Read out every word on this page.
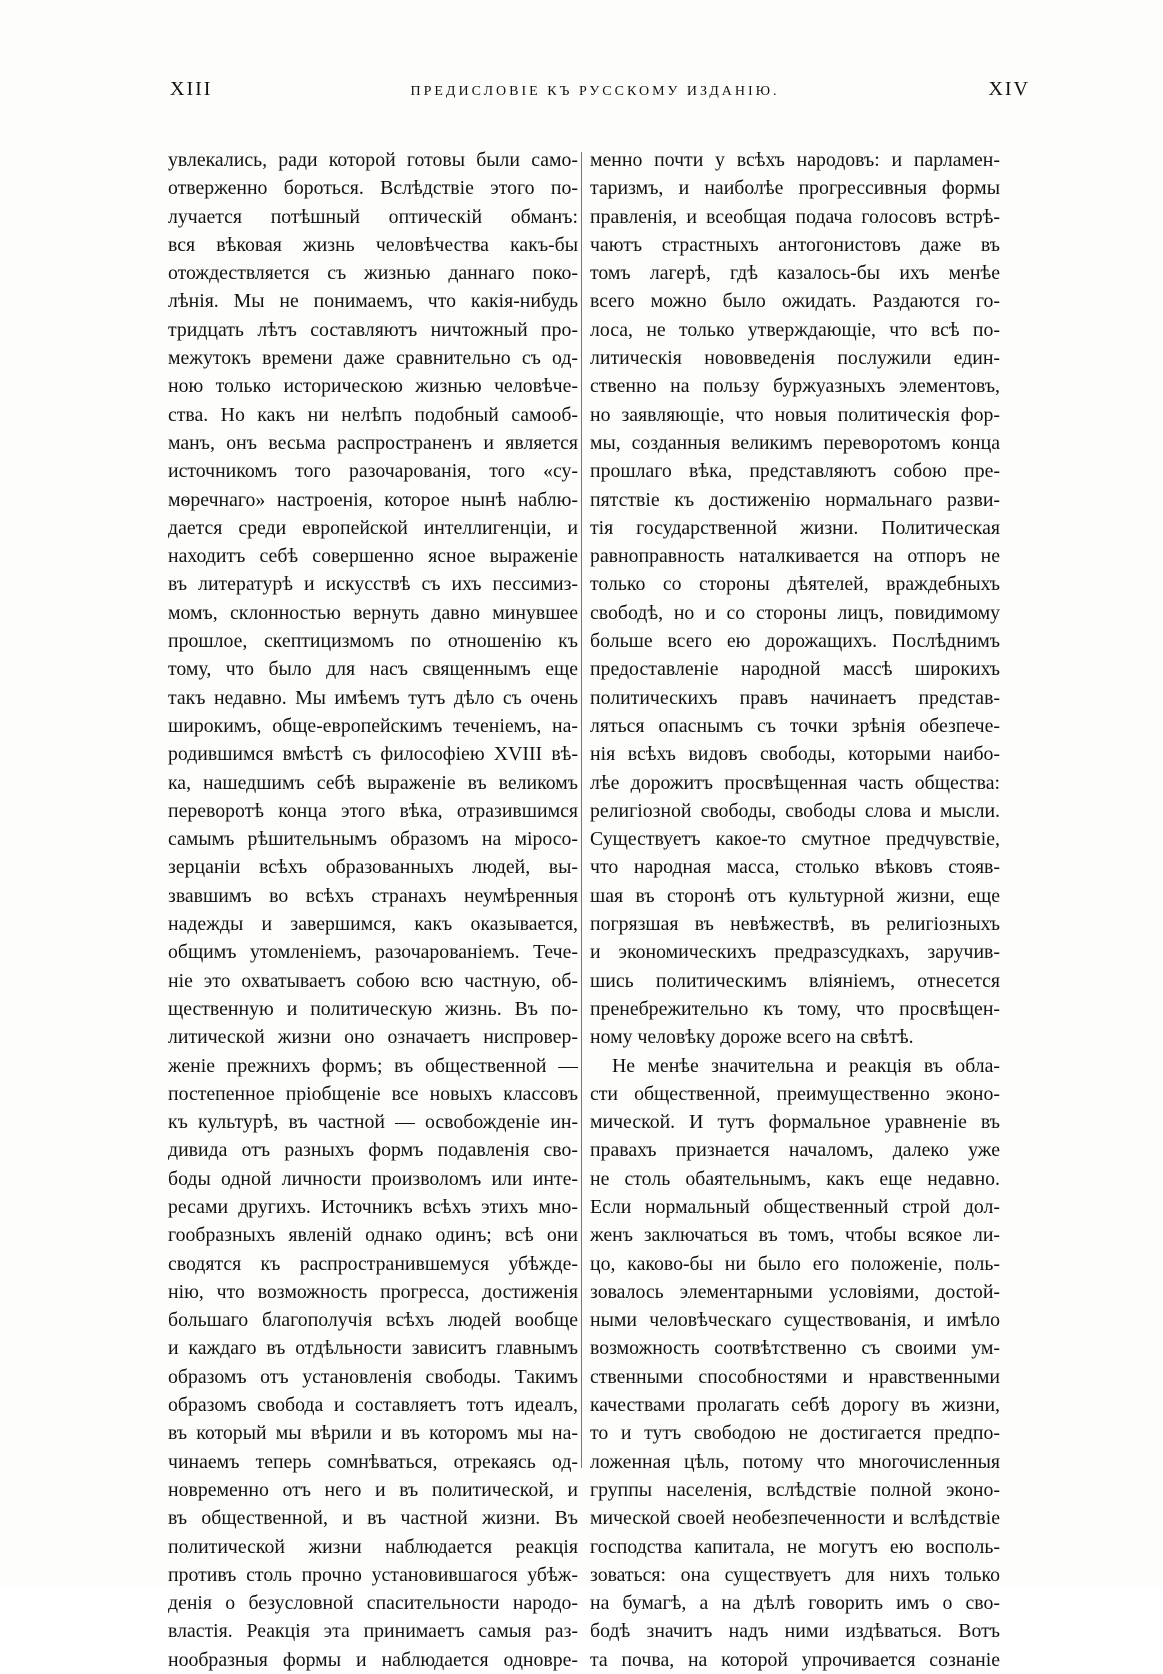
XIII	ПРЕДИСЛОВІЕ КЪ РУССКОМУ ИЗДАНІЮ.	XIV
увлекались, ради которой готовы были само-
отверженно бороться. Вслѣдствіе этого по-
лучается потѣшный оптическій обманъ:
вся вѣковая жизнь человѣчества какъ-бы
отождествляется съ жизнью даннаго поко-
лѣнія. Мы не понимаемъ, что какія-нибудь
тридцать лѣтъ составляютъ ничтожный про-
межутокъ времени даже сравнительно съ од-
ною только историческою жизнью человѣче-
ства. Но какъ ни нелѣпъ подобный самооб-
манъ, онъ весьма распространенъ и является
источникомъ того разочарованія, того «су-
мѳречнаго» настроенія, которое нынѣ наблю-
дается среди европейской интеллигенціи, и
находитъ себѣ совершенно ясное выраженіе
въ литературѣ и искусствѣ съ ихъ пессимиз-
момъ, склонностью вернуть давно минувшее
прошлое, скептицизмомъ по отношенію къ
тому, что было для насъ священнымъ еще
такъ недавно. Мы имѣемъ тутъ дѣло съ очень
широкимъ, обще-европейскимъ теченіемъ, на-
родившимся вмѣстѣ съ философіею XVIII вѣ-
ка, нашедшимъ себѣ выраженіе въ великомъ
переворотѣ конца этого вѣка, отразившимся
самымъ рѣшительнымъ образомъ на міросо-
зерцаніи всѣхъ образованныхъ людей, вы-
звавшимъ во всѣхъ странахъ неумѣренныя
надежды и завершимся, какъ оказывается,
общимъ утомленіемъ, разочарованіемъ. Тече-
ніе это охватываетъ собою всю частную, об-
щественную и политическую жизнь. Въ по-
литической жизни оно означаетъ ниспровер-
женіе прежнихъ формъ; въ общественной —
постепенное пріобщеніе все новыхъ классовъ
къ культурѣ, въ частной — освобожденіе ин-
дивида отъ разныхъ формъ подавленія сво-
боды одной личности произволомъ или инте-
ресами другихъ. Источникъ всѣхъ этихъ мно-
гообразныхъ явленій однако одинъ; всѣ они
сводятся къ распространившемуся убѣжде-
нію, что возможность прогресса, достиженія
большаго благополучія всѣхъ людей вообще
и каждаго въ отдѣльности зависитъ главнымъ
образомъ отъ установленія свободы. Такимъ
образомъ свобода и составляетъ тотъ идеалъ,
въ который мы вѣрили и въ которомъ мы на-
чинаемъ теперь сомнѣваться, отрекаясь од-
новременно отъ него и въ политической, и
въ общественной, и въ частной жизни. Въ
политической жизни наблюдается реакція
противъ столь прочно установившагося убѣж-
денія о безусловной спасительности народо-
властія. Реакція эта принимаетъ самыя раз-
нообразныя формы и наблюдается одновре-
менно почти у всѣхъ народовъ: и парламен-
таризмъ, и наиболѣе прогрессивныя формы
правленія, и всеобщая подача голосовъ встрѣ-
чаютъ страстныхъ антогонистовъ даже въ
томъ лагерѣ, гдѣ казалось-бы ихъ менѣе
всего можно было ожидать. Раздаются го-
лоса, не только утверждающіе, что всѣ по-
литическія нововведенія послужили един-
ственно на пользу буржуазныхъ элементовъ,
но заявляющіе, что новыя политическія фор-
мы, созданныя великимъ переворотомъ конца
прошлаго вѣка, представляютъ собою пре-
пятствіе къ достиженію нормальнаго разви-
тія государственной жизни. Политическая
равноправность наталкивается на отпоръ не
только со стороны дѣятелей, враждебныхъ
свободѣ, но и со стороны лицъ, повидимому
больше всего ею дорожащихъ. Послѣднимъ
предоставленіе народной массѣ широкихъ
политическихъ правъ начинаетъ представ-
ляться опаснымъ съ точки зрѣнія обезпече-
нія всѣхъ видовъ свободы, которыми наибо-
лѣе дорожитъ просвѣщенная часть общества:
религіозной свободы, свободы слова и мысли.
Существуетъ какое-то смутное предчувствіе,
что народная масса, столько вѣковъ стояв-
шая въ сторонѣ отъ культурной жизни, еще
погрязшая въ невѣжествѣ, въ религіозныхъ
и экономическихъ предразсудкахъ, заручив-
шись политическимъ вліяніемъ, отнесется
пренебрежительно къ тому, что просвѣщен-
ному человѣку дороже всего на свѣтѣ.
Не менѣе значительна и реакція въ обла-
сти общественной, преимущественно эконо-
мической. И тутъ формальное уравненіе въ
правахъ признается началомъ, далеко уже
не столь обаятельнымъ, какъ еще недавно.
Если нормальный общественный строй дол-
женъ заключаться въ томъ, чтобы всякое ли-
цо, каково-бы ни было его положеніе, поль-
зовалось элементарными условіями, достой-
ными человѣческаго существованія, и имѣло
возможность соотвѣтственно съ своими ум-
ственными способностями и нравственными
качествами пролагать себѣ дорогу въ жизни,
то и тутъ свободою не достигается предпо-
ложенная цѣль, потому что многочисленныя
группы населенія, вслѣдствіе полной эконо-
мической своей необезпеченности и вслѣдствіе
господства капитала, не могутъ ею воспoль-
зоваться: она существуетъ для нихъ только
на бумагѣ, а на дѣлѣ говорить имъ о сво-
бодѣ значитъ надъ ними издѣваться. Вотъ
та почва, на которой упрочивается сознаніе
